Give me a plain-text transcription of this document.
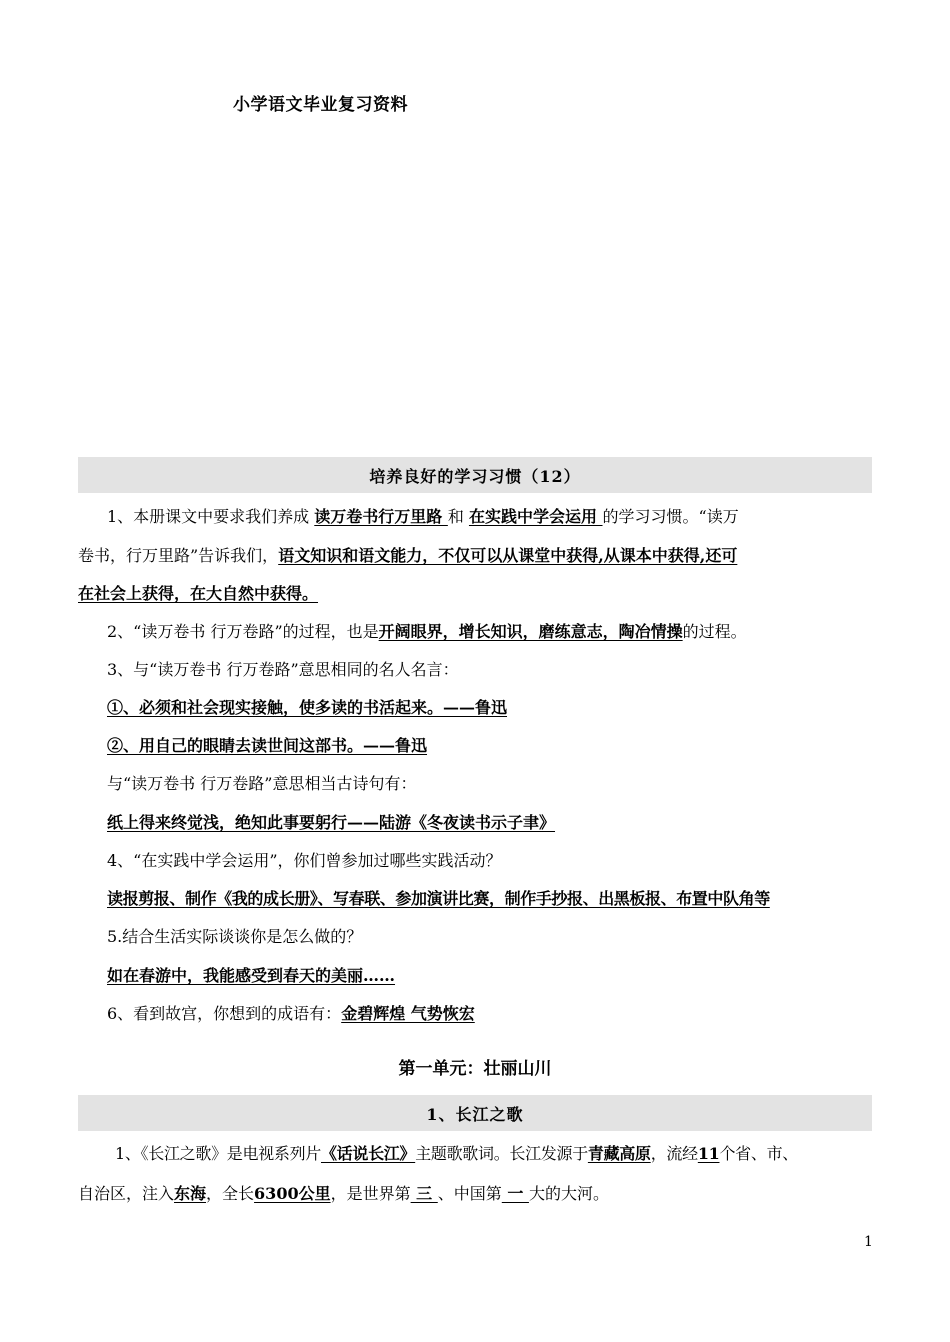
小学语文毕业复习资料
培养良好的学习习惯（12）
1、本册课文中要求我们养成 读万卷书行万里路 和 在实践中学会运用 的学习习惯。“读万
卷书，行万里路”告诉我们，语文知识和语文能力，不仅可以从课堂中获得,从课本中获得,还可
在社会上获得，在大自然中获得。
2、“读万卷书 行万卷路”的过程，也是开阔眼界，增长知识，磨练意志，陶冶情操的过程。
3、与“读万卷书 行万卷路”意思相同的名人名言：
①、必须和社会现实接触，使多读的书活起来。——鲁迅
②、用自己的眼睛去读世间这部书。——鲁迅
与“读万卷书 行万卷路”意思相当古诗句有：
纸上得来终觉浅，绝知此事要躬行——陆游《冬夜读书示子聿》
4、“在实践中学会运用”，你们曾参加过哪些实践活动？
读报剪报、制作《我的成长册》、写春联、参加演讲比赛，制作手抄报、出黑板报、布置中队角等
5.结合生活实际谈谈你是怎么做的？
如在春游中，我能感受到春天的美丽……
6、看到故宫，你想到的成语有：金碧辉煌 气势恢宏
第一单元：壮丽山川
1、长江之歌
1、《长江之歌》是电视系列片《话说长江》主题歌歌词。长江发源于青藏高原，流经11个省、市、
自治区，注入东海，全长6300公里，是世界第 三 、中国第 一 大的大河。
1
